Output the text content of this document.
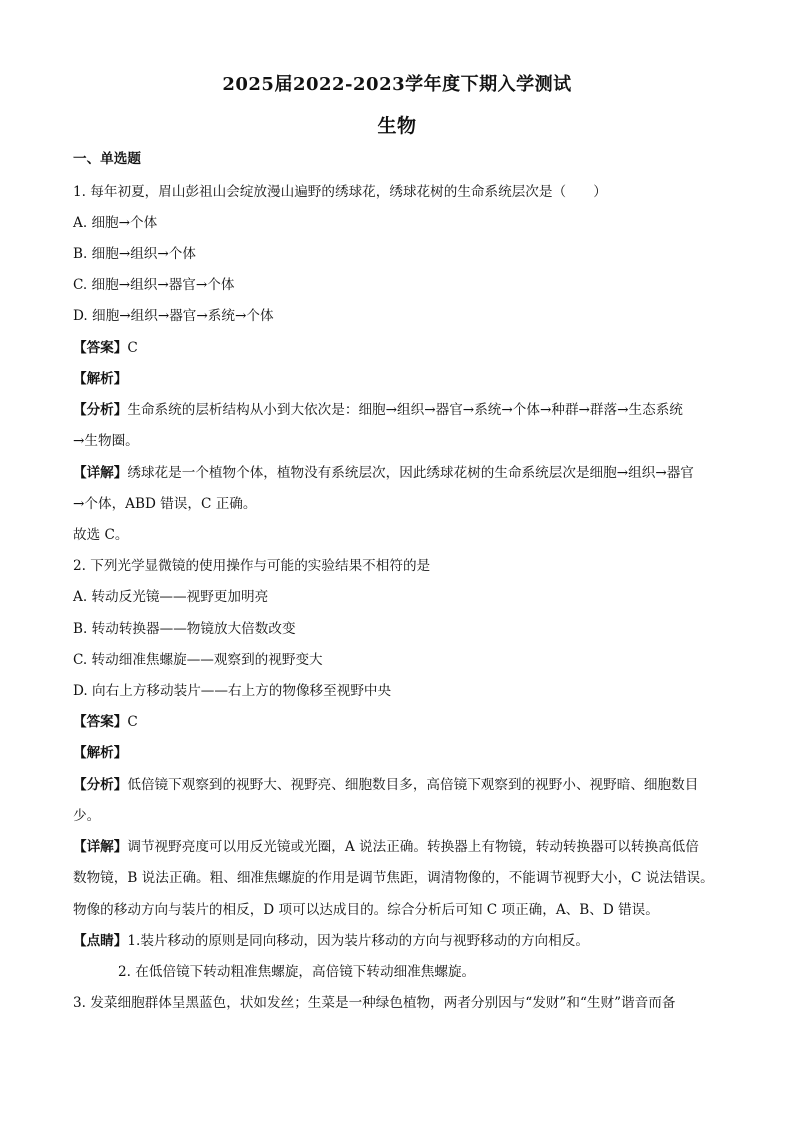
2025届2022-2023学年度下期入学测试
生物
一、单选题
1. 每年初夏，眉山彭祖山会绽放漫山遍野的绣球花，绣球花树的生命系统层次是（　　）
A. 细胞→个体
B. 细胞→组织→个体
C. 细胞→组织→器官→个体
D. 细胞→组织→器官→系统→个体
【答案】C
【解析】
【分析】生命系统的层析结构从小到大依次是：细胞→组织→器官→系统→个体→种群→群落→生态系统
→生物圈。
【详解】绣球花是一个植物个体，植物没有系统层次，因此绣球花树的生命系统层次是细胞→组织→器官
→个体，ABD 错误，C 正确。
故选 C。
2. 下列光学显微镜的使用操作与可能的实验结果不相符的是
A. 转动反光镜——视野更加明亮
B. 转动转换器——物镜放大倍数改变
C. 转动细准焦螺旋——观察到的视野变大
D. 向右上方移动装片——右上方的物像移至视野中央
【答案】C
【解析】
【分析】低倍镜下观察到的视野大、视野亮、细胞数目多，高倍镜下观察到的视野小、视野暗、细胞数目
少。
【详解】调节视野亮度可以用反光镜或光圈，A 说法正确。转换器上有物镜，转动转换器可以转换高低倍
数物镜，B 说法正确。粗、细准焦螺旋的作用是调节焦距，调清物像的，不能调节视野大小，C 说法错误。
物像的移动方向与装片的相反，D 项可以达成目的。综合分析后可知 C 项正确，A、B、D 错误。
【点睛】1.装片移动的原则是同向移动，因为装片移动的方向与视野移动的方向相反。
2. 在低倍镜下转动粗准焦螺旋，高倍镜下转动细准焦螺旋。
3. 发菜细胞群体呈黑蓝色，状如发丝；生菜是一种绿色植物，两者分别因与“发财”和“生财”谐音而备
